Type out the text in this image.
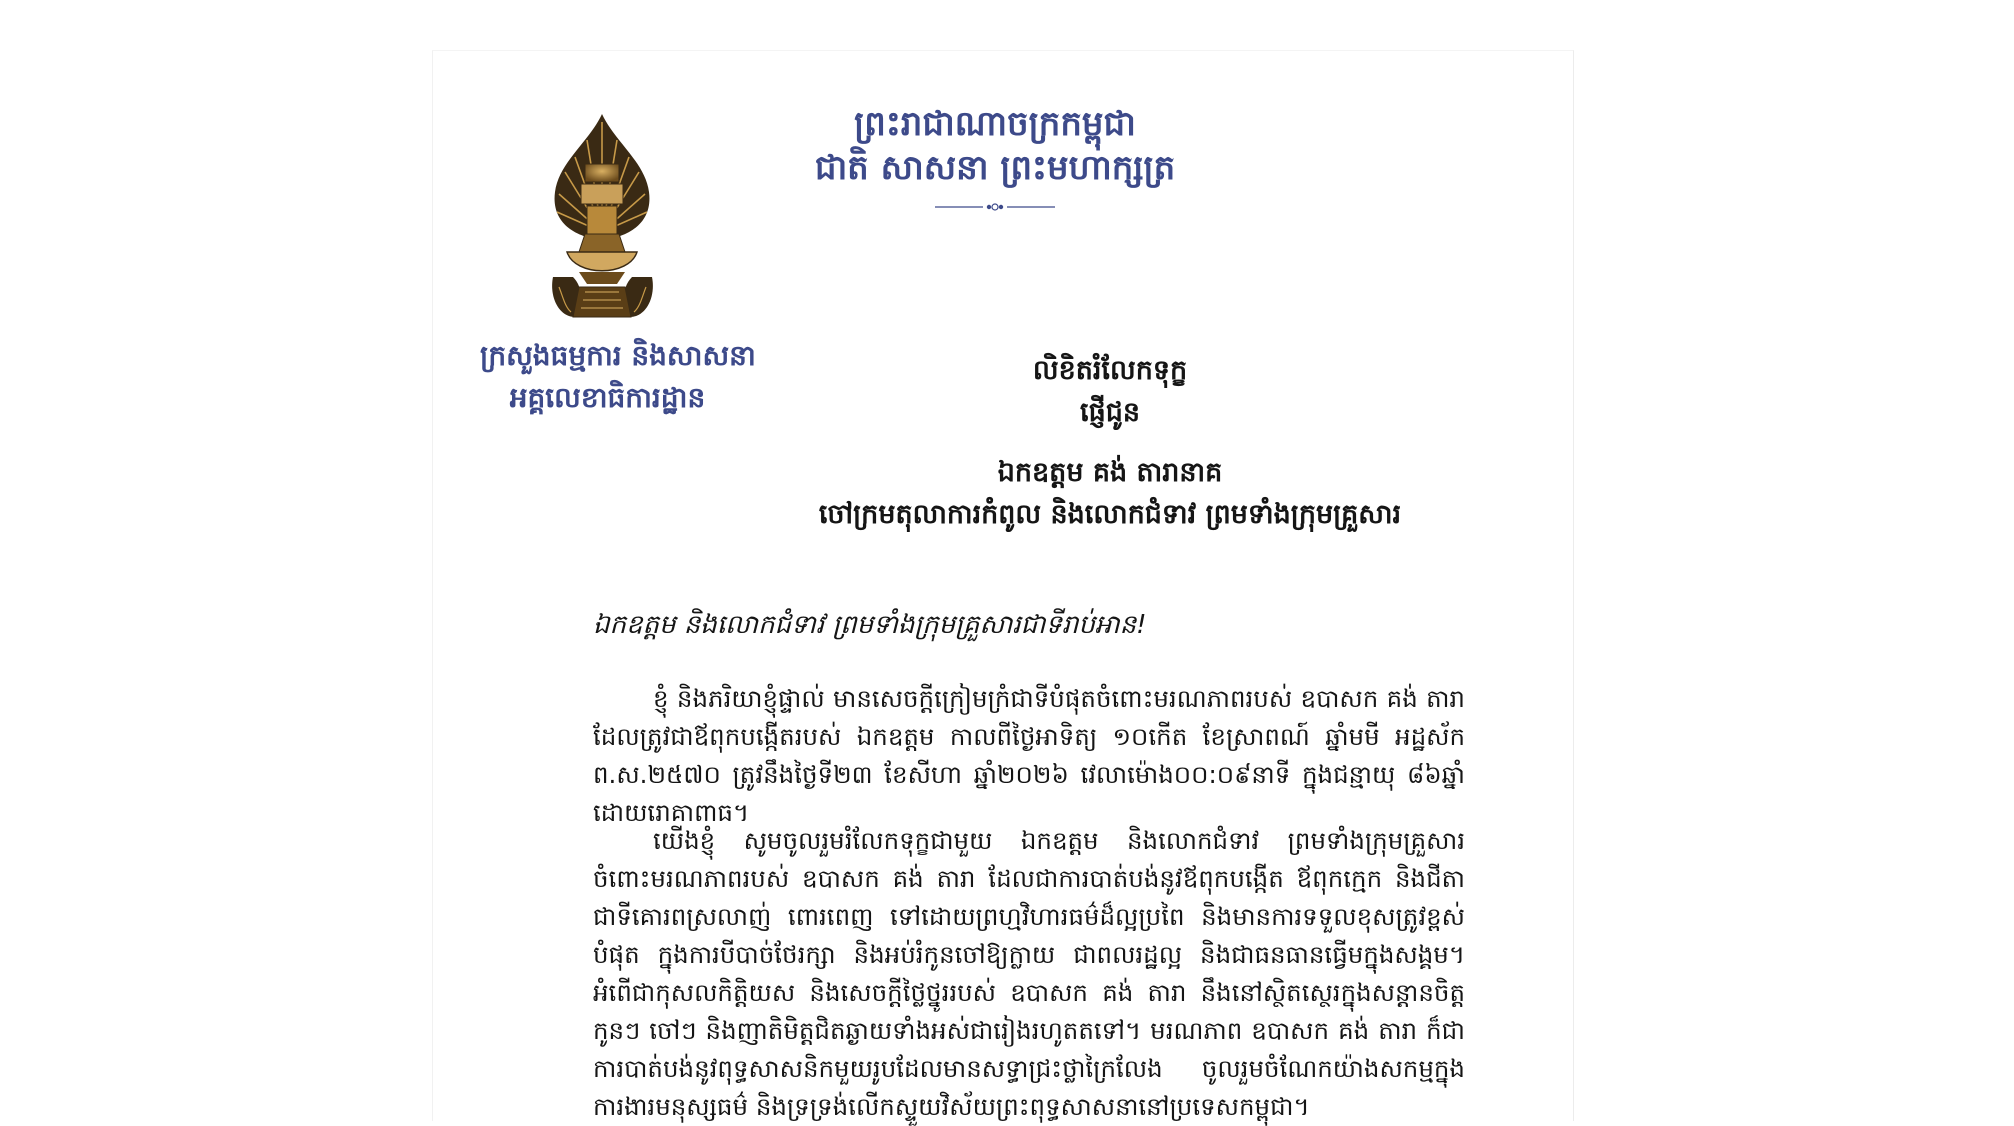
ព្រះរាជាណាចក្រកម្ពុជា
ជាតិ សាសនា ព្រះមហាក្សត្រ
ក្រសួងធម្មការ និងសាសនា
អគ្គលេខាធិការដ្ឋាន
លិខិតរំលែកទុក្ខ
ផ្ញើជូន
ឯកឧត្តម គង់ តារានាគ
ចៅក្រមតុលាការកំពូល និងលោកជំទាវ ព្រមទាំងក្រុមគ្រួសារ
ឯកឧត្តម និងលោកជំទាវ ព្រមទាំងក្រុមគ្រួសារជាទីរាប់អាន!

ខ្ញុំ និងភរិយាខ្ញុំផ្ទាល់ មានសេចក្តីក្រៀមក្រំជាទីបំផុតចំពោះមរណភាពរបស់ ឧបាសក គង់ តារា ដែលត្រូវជាឪពុកបង្កើតរបស់ ឯកឧត្តម កាលពីថ្ងៃអាទិត្យ ១០កើត ខែស្រាពណ៍ ឆ្នាំមមី អដ្ឋស័ក ព.ស.២៥៧០ ត្រូវនឹងថ្ងៃទី២៣ ខែសីហា ឆ្នាំ២០២៦ វេលាម៉ោង០០:០៩នាទី ក្នុងជន្មាយុ ៨៦ឆ្នាំ ដោយរោគាពាធ។

យើងខ្ញុំ សូមចូលរួមរំលែកទុក្ខជាមួយ ឯកឧត្តម និងលោកជំទាវ ព្រមទាំងក្រុមគ្រួសារចំពោះមរណភាពរបស់ ឧបាសក គង់ តារា ដែលជាការបាត់បង់នូវឪពុកបង្កើត ឪពុកក្មេក និងជីតាជាទីគោរពស្រលាញ់ ពោរពេញ ទៅដោយព្រហ្មវិហារធម៌ដ៏ល្អប្រពៃ និងមានការទទួលខុសត្រូវខ្ពស់បំផុត ក្នុងការបីបាច់ថែរក្សា និងអប់រំកូនចៅឱ្យក្លាយ ជាពលរដ្ឋល្អ និងជាធនធានធ្វើមក្នុងសង្គម។ អំពើជាកុសលកិត្តិយស និងសេចក្តីថ្លៃថ្នូររបស់ ឧបាសក គង់ តារា នឹងនៅស្ថិតស្ថេរក្នុងសន្ដានចិត្តកូនៗ ចៅៗ និងញាតិមិត្តជិតឆ្ងាយទាំងអស់ជារៀងរហូតតទៅ។ មរណភាព ឧបាសក គង់ តារា ក៏ជាការបាត់បង់នូវពុទ្ធសាសនិកមួយរូបដែលមានសទ្ធាជ្រះថ្លាក្រៃលែង ចូលរួមចំណែកយ៉ាងសកម្មក្នុងការងារមនុស្សធម៌ និងទ្រទ្រង់លើកស្ទួយវិស័យព្រះពុទ្ធសាសនានៅប្រទេសកម្ពុជា។
